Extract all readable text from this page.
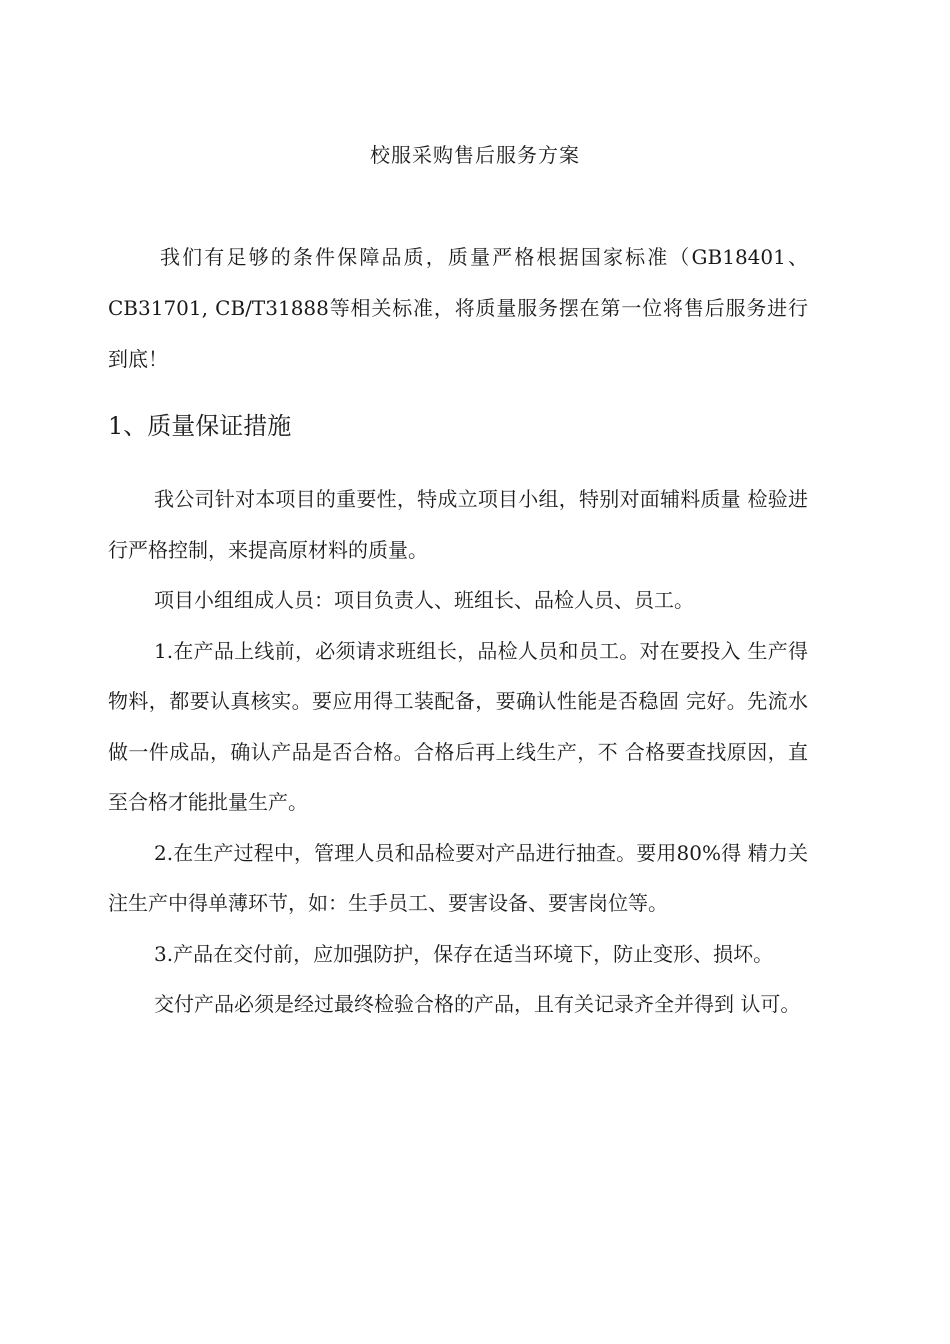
校服采购售后服务方案

我们有足够的条件保障品质，质量严格根据国家标准（GB18401、CB31701, CB/T31888等相关标准，将质量服务摆在第一位将售后服务进行到底！

1、质量保证措施

我公司针对本项目的重要性，特成立项目小组，特别对面辅料质量 检验进行严格控制，来提高原材料的质量。

项目小组组成人员：项目负责人、班组长、品检人员、员工。

1.在产品上线前，必须请求班组长，品检人员和员工。对在要投入 生产得物料，都要认真核实。要应用得工装配备，要确认性能是否稳固 完好。先流水做一件成品，确认产品是否合格。合格后再上线生产，不 合格要查找原因，直至合格才能批量生产。

2.在生产过程中，管理人员和品检要对产品进行抽查。要用80%得 精力关注生产中得单薄环节，如：生手员工、要害设备、要害岗位等。

3.产品在交付前，应加强防护，保存在适当环境下，防止变形、损坏。

交付产品必须是经过最终检验合格的产品，且有关记录齐全并得到 认可。
